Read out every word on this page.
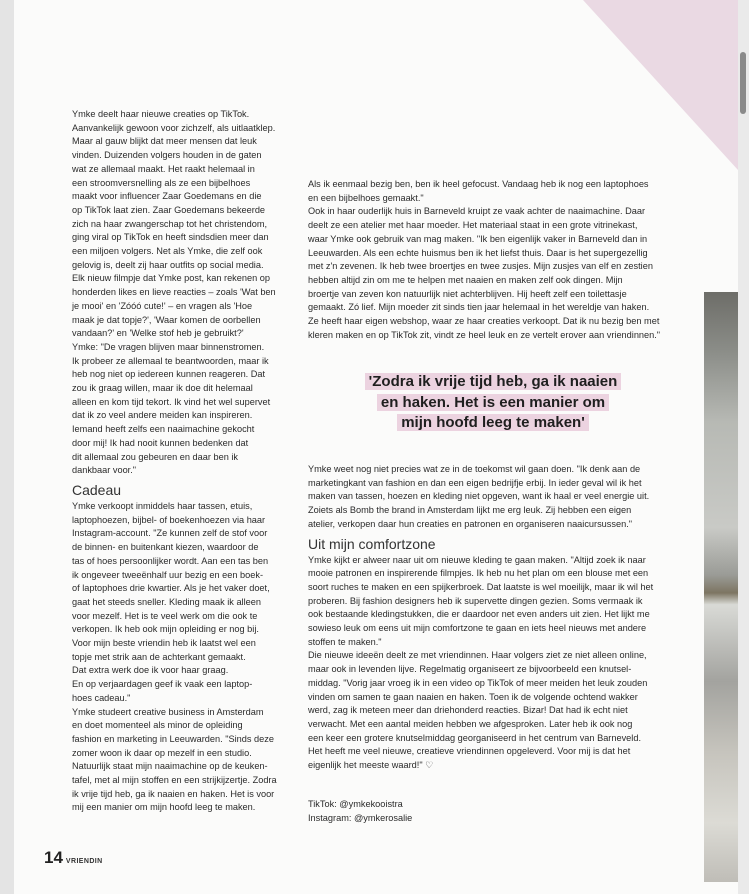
Ymke deelt haar nieuwe creaties op TikTok.

Aanvankelijk gewoon voor zichzelf, als uitlaatklep.

Maar al gauw blijkt dat meer mensen dat leuk

vinden. Duizenden volgers houden in de gaten

wat ze allemaal maakt. Het raakt helemaal in

een stroomversnelling als ze een bijbelhoes

maakt voor influencer Zaar Goedemans en die

op TikTok laat zien. Zaar Goedemans bekeerde

zich na haar zwangerschap tot het christendom,

ging viral op TikTok en heeft sindsdien meer dan

een miljoen volgers. Net als Ymke, die zelf ook

gelovig is, deelt zij haar outfits op social media.

Elk nieuw filmpje dat Ymke post, kan rekenen op

honderden likes en lieve reacties – zoals 'Wat ben

je mooi' en 'Zóóó cute!' – en vragen als 'Hoe

maak je dat topje?', 'Waar komen de oorbellen

vandaan?' en 'Welke stof heb je gebruikt?'

Ymke: "De vragen blijven maar binnenstromen.

Ik probeer ze allemaal te beantwoorden, maar ik

heb nog niet op iedereen kunnen reageren. Dat

zou ik graag willen, maar ik doe dit helemaal

alleen en kom tijd tekort. Ik vind het wel supervet

dat ik zo veel andere meiden kan inspireren.

Iemand heeft zelfs een naaimachine gekocht

door mij! Ik had nooit kunnen bedenken dat

dit allemaal zou gebeuren en daar ben ik

dankbaar voor."

Cadeau

Ymke verkoopt inmiddels haar tassen, etuis,

laptophoezen, bijbel- of boekenhoezen via haar

Instagram-account. "Ze kunnen zelf de stof voor

de binnen- en buitenkant kiezen, waardoor de

tas of hoes persoonlijker wordt. Aan een tas ben

ik ongeveer tweeënhalf uur bezig en een boek-

of laptophoes drie kwartier. Als je het vaker doet,

gaat het steeds sneller. Kleding maak ik alleen

voor mezelf. Het is te veel werk om die ook te

verkopen. Ik heb ook mijn opleiding er nog bij.

Voor mijn beste vriendin heb ik laatst wel een

topje met strik aan de achterkant gemaakt.

Dat extra werk doe ik voor haar graag.

En op verjaardagen geef ik vaak een laptop-

hoes cadeau."

Ymke studeert creative business in Amsterdam

en doet momenteel als minor de opleiding

fashion en marketing in Leeuwarden. "Sinds deze

zomer woon ik daar op mezelf in een studio.

Natuurlijk staat mijn naaimachine op de keuken-

tafel, met al mijn stoffen en een strijkijzertje. Zodra

ik vrije tijd heb, ga ik naaien en haken. Het is voor

mij een manier om mijn hoofd leeg te maken.

Als ik eenmaal bezig ben, ben ik heel gefocust. Vandaag heb ik nog een laptophoes

en een bijbelhoes gemaakt."

Ook in haar ouderlijk huis in Barneveld kruipt ze vaak achter de naaimachine. Daar

deelt ze een atelier met haar moeder. Het materiaal staat in een grote vitrinekast,

waar Ymke ook gebruik van mag maken. "Ik ben eigenlijk vaker in Barneveld dan in

Leeuwarden. Als een echte huismus ben ik het liefst thuis. Daar is het supergezellig

met z'n zevenen. Ik heb twee broertjes en twee zusjes. Mijn zusjes van elf en zestien

hebben altijd zin om me te helpen met naaien en maken zelf ook dingen. Mijn

broertje van zeven kon natuurlijk niet achterblijven. Hij heeft zelf een toilettasje

gemaakt. Zó lief. Mijn moeder zit sinds tien jaar helemaal in het wereldje van haken.

Ze heeft haar eigen webshop, waar ze haar creaties verkoopt. Dat ik nu bezig ben met

kleren maken en op TikTok zit, vindt ze heel leuk en ze vertelt erover aan vriendinnen."

'Zodra ik vrije tijd heb, ga ik naaien
en haken. Het is een manier om
mijn hoofd leeg te maken'

Ymke weet nog niet precies wat ze in de toekomst wil gaan doen. "Ik denk aan de

marketingkant van fashion en dan een eigen bedrijfje erbij. In ieder geval wil ik het

maken van tassen, hoezen en kleding niet opgeven, want ik haal er veel energie uit.

Zoiets als Bomb the brand in Amsterdam lijkt me erg leuk. Zij hebben een eigen

atelier, verkopen daar hun creaties en patronen en organiseren naaicursussen."

Uit mijn comfortzone

Ymke kijkt er alweer naar uit om nieuwe kleding te gaan maken. "Altijd zoek ik naar

mooie patronen en inspirerende filmpjes. Ik heb nu het plan om een blouse met een

soort ruches te maken en een spijkerbroek. Dat laatste is wel moeilijk, maar ik wil het

proberen. Bij fashion designers heb ik supervette dingen gezien. Soms vermaak ik

ook bestaande kledingstukken, die er daardoor net even anders uit zien. Het lijkt me

sowieso leuk om eens uit mijn comfortzone te gaan en iets heel nieuws met andere

stoffen te maken."

Die nieuwe ideeën deelt ze met vriendinnen. Haar volgers ziet ze niet alleen online,

maar ook in levenden lijve. Regelmatig organiseert ze bijvoorbeeld een knutsel-

middag. "Vorig jaar vroeg ik in een video op TikTok of meer meiden het leuk zouden

vinden om samen te gaan naaien en haken. Toen ik de volgende ochtend wakker

werd, zag ik meteen meer dan driehonderd reacties. Bizar! Dat had ik echt niet

verwacht. Met een aantal meiden hebben we afgesproken. Later heb ik ook nog

een keer een grotere knutselmiddag georganiseerd in het centrum van Barneveld.

Het heeft me veel nieuwe, creatieve vriendinnen opgeleverd. Voor mij is dat het

eigenlijk het meeste waard!" ♡

TikTok: @ymkekooistra

Instagram: @ymkerosalie

14 VRIENDIN
